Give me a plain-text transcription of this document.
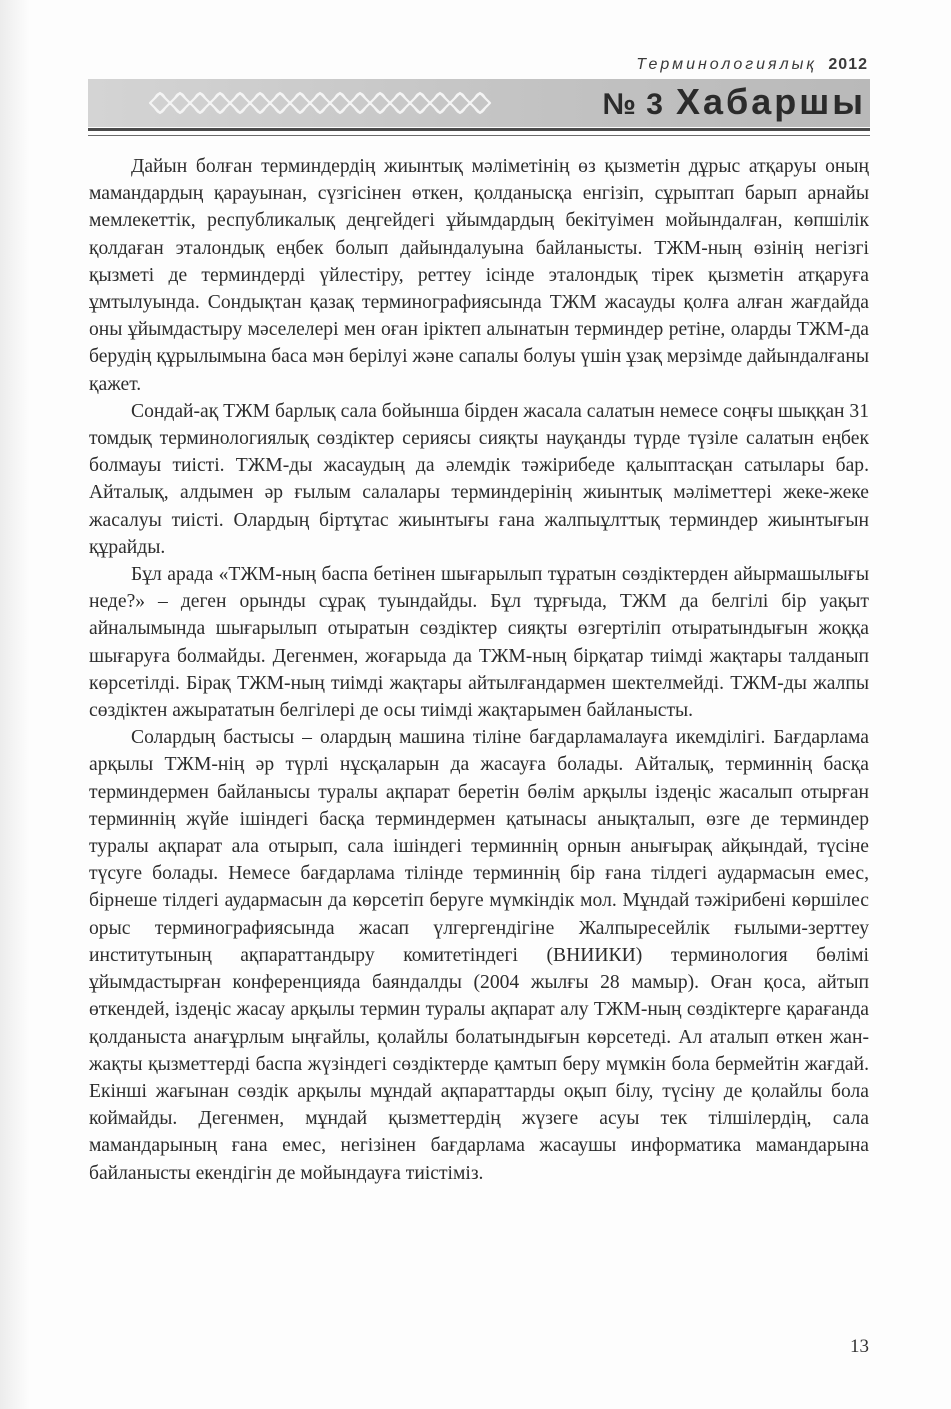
Терминологиялық 2012
№ 3 Хабаршы

Дайын болған терминдердің жиынтық мәліметінің өз қызметін дұрыс атқаруы оның мамандардың қарауынан, сүзгісінен өткен, қолданысқа енгізіп, сұрыптап барып арнайы мемлекеттік, республикалық деңгейдегі ұйымдардың бекітуімен мойындалған, көпшілік қолдаған эталондық еңбек болып дайындалуына байланысты. ТЖМ-ның өзінің негізгі қызметі де терминдерді үйлестіру, реттеу ісінде эталондық тірек қызметін атқаруға ұмтылуында. Сондықтан қазақ терминографиясында ТЖМ жасауды қолға алған жағдайда оны ұйымдастыру мәселелері мен оған іріктеп алынатын терминдер ретіне, оларды ТЖМ-да берудің құрылымына баса мән берілуі және сапалы болуы үшін ұзақ мерзімде дайындалғаны қажет.

Сондай-ақ ТЖМ барлық сала бойынша бірден жасала салатын немесе соңғы шыққан 31 томдық терминологиялық сөздіктер сериясы сияқты науқанды түрде түзіле салатын еңбек болмауы тиісті. ТЖМ-ды жасаудың да әлемдік тәжірибеде қалыптасқан сатылары бар. Айталық, алдымен әр ғылым салалары терминдерінің жиынтық мәліметтері жеке-жеке жасалуы тиісті. Олардың біртұтас жиынтығы ғана жалпыұлттық терминдер жиынтығын құрайды.

Бұл арада «ТЖМ-ның баспа бетінен шығарылып тұратын сөздіктерден айырмашылығы неде?» – деген орынды сұрақ туындайды. Бұл тұрғыда, ТЖМ да белгілі бір уақыт айналымында шығарылып отыратын сөздіктер сияқты өзгертіліп отыратындығын жоққа шығаруға болмайды. Дегенмен, жоғарыда да ТЖМ-ның бірқатар тиімді жақтары талданып көрсетілді. Бірақ ТЖМ-ның тиімді жақтары айтылғандармен шектелмейді. ТЖМ-ды жалпы сөздіктен ажырататын белгілері де осы тиімді жақтарымен байланысты.

Солардың бастысы – олардың машина тіліне бағдарламалауға икемділігі. Бағдарлама арқылы ТЖМ-нің әр түрлі нұсқаларын да жасауға болады. Айталық, терминнің басқа терминдермен байланысы туралы ақпарат беретін бөлім арқылы іздеңіс жасалып отырған терминнің жүйе ішіндегі басқа терминдермен қатынасы анықталып, өзге де терминдер туралы ақпарат ала отырып, сала ішіндегі терминнің орнын анығырақ айқындай, түсіне түсуге болады. Немесе бағдарлама тілінде терминнің бір ғана тілдегі аудармасын емес, бірнеше тілдегі аудармасын да көрсетіп беруге мүмкіндік мол. Мұндай тәжірибені көршілес орыс терминографиясында жасап үлгергендігіне Жалпыресейлік ғылыми-зерттеу институтының ақпараттандыру комитетіндегі (ВНИИКИ) терминология бөлімі ұйымдастырған конференцияда баяндалды (2004 жылғы 28 мамыр). Оған қоса, айтып өткендей, іздеңіс жасау арқылы термин туралы ақпарат алу ТЖМ-ның сөздіктерге қарағанда қолданыста анағұрлым ыңғайлы, қолайлы болатындығын көрсетеді. Ал аталып өткен жан-жақты қызметтерді баспа жүзіндегі сөздіктерде қамтып беру мүмкін бола бермейтін жағдай. Екінші жағынан сөздік арқылы мұндай ақпараттарды оқып білу, түсіну де қолайлы бола коймайды. Дегенмен, мұндай қызметтердің жүзеге асуы тек тілшілердің, сала мамандарының ғана емес, негізінен бағдарлама жасаушы информатика мамандарына байланысты екендігін де мойындауға тиістіміз.

13
